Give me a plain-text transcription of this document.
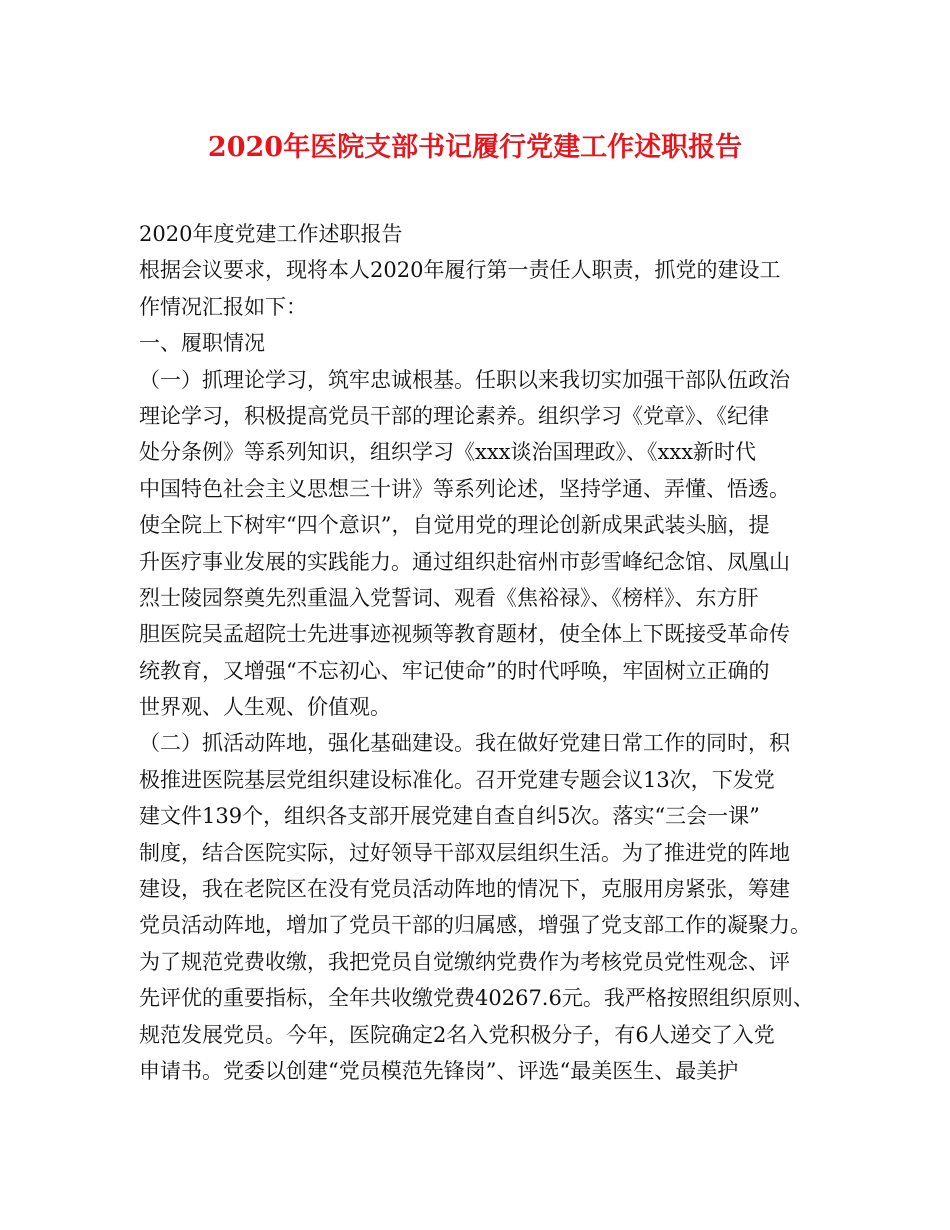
2020年医院支部书记履行党建工作述职报告
2020年度党建工作述职报告
根据会议要求，现将本人2020年履行第一责任人职责，抓党的建设工
作情况汇报如下：
一、履职情况
（一）抓理论学习，筑牢忠诚根基。任职以来我切实加强干部队伍政治
理论学习，积极提高党员干部的理论素养。组织学习《党章》、《纪律
处分条例》等系列知识，组织学习《xxx谈治国理政》、《xxx新时代
中国特色社会主义思想三十讲》等系列论述，坚持学通、弄懂、悟透。
使全院上下树牢“四个意识”，自觉用党的理论创新成果武装头脑，提
升医疗事业发展的实践能力。通过组织赴宿州市彭雪峰纪念馆、凤凰山
烈士陵园祭奠先烈重温入党誓词、观看《焦裕禄》、《榜样》、东方肝
胆医院吴孟超院士先进事迹视频等教育题材，使全体上下既接受革命传
统教育，又增强“不忘初心、牢记使命”的时代呼唤，牢固树立正确的
世界观、人生观、价值观。
（二）抓活动阵地，强化基础建设。我在做好党建日常工作的同时，积
极推进医院基层党组织建设标准化。召开党建专题会议13次，下发党
建文件139个，组织各支部开展党建自查自纠5次。落实“三会一课”
制度，结合医院实际，过好领导干部双层组织生活。为了推进党的阵地
建设，我在老院区在没有党员活动阵地的情况下，克服用房紧张，筹建
党员活动阵地，增加了党员干部的归属感，增强了党支部工作的凝聚力。
为了规范党费收缴，我把党员自觉缴纳党费作为考核党员党性观念、评
先评优的重要指标，全年共收缴党费40267.6元。我严格按照组织原则、
规范发展党员。今年，医院确定2名入党积极分子，有6人递交了入党
申请书。党委以创建“党员模范先锋岗”、评选“最美医生、最美护
